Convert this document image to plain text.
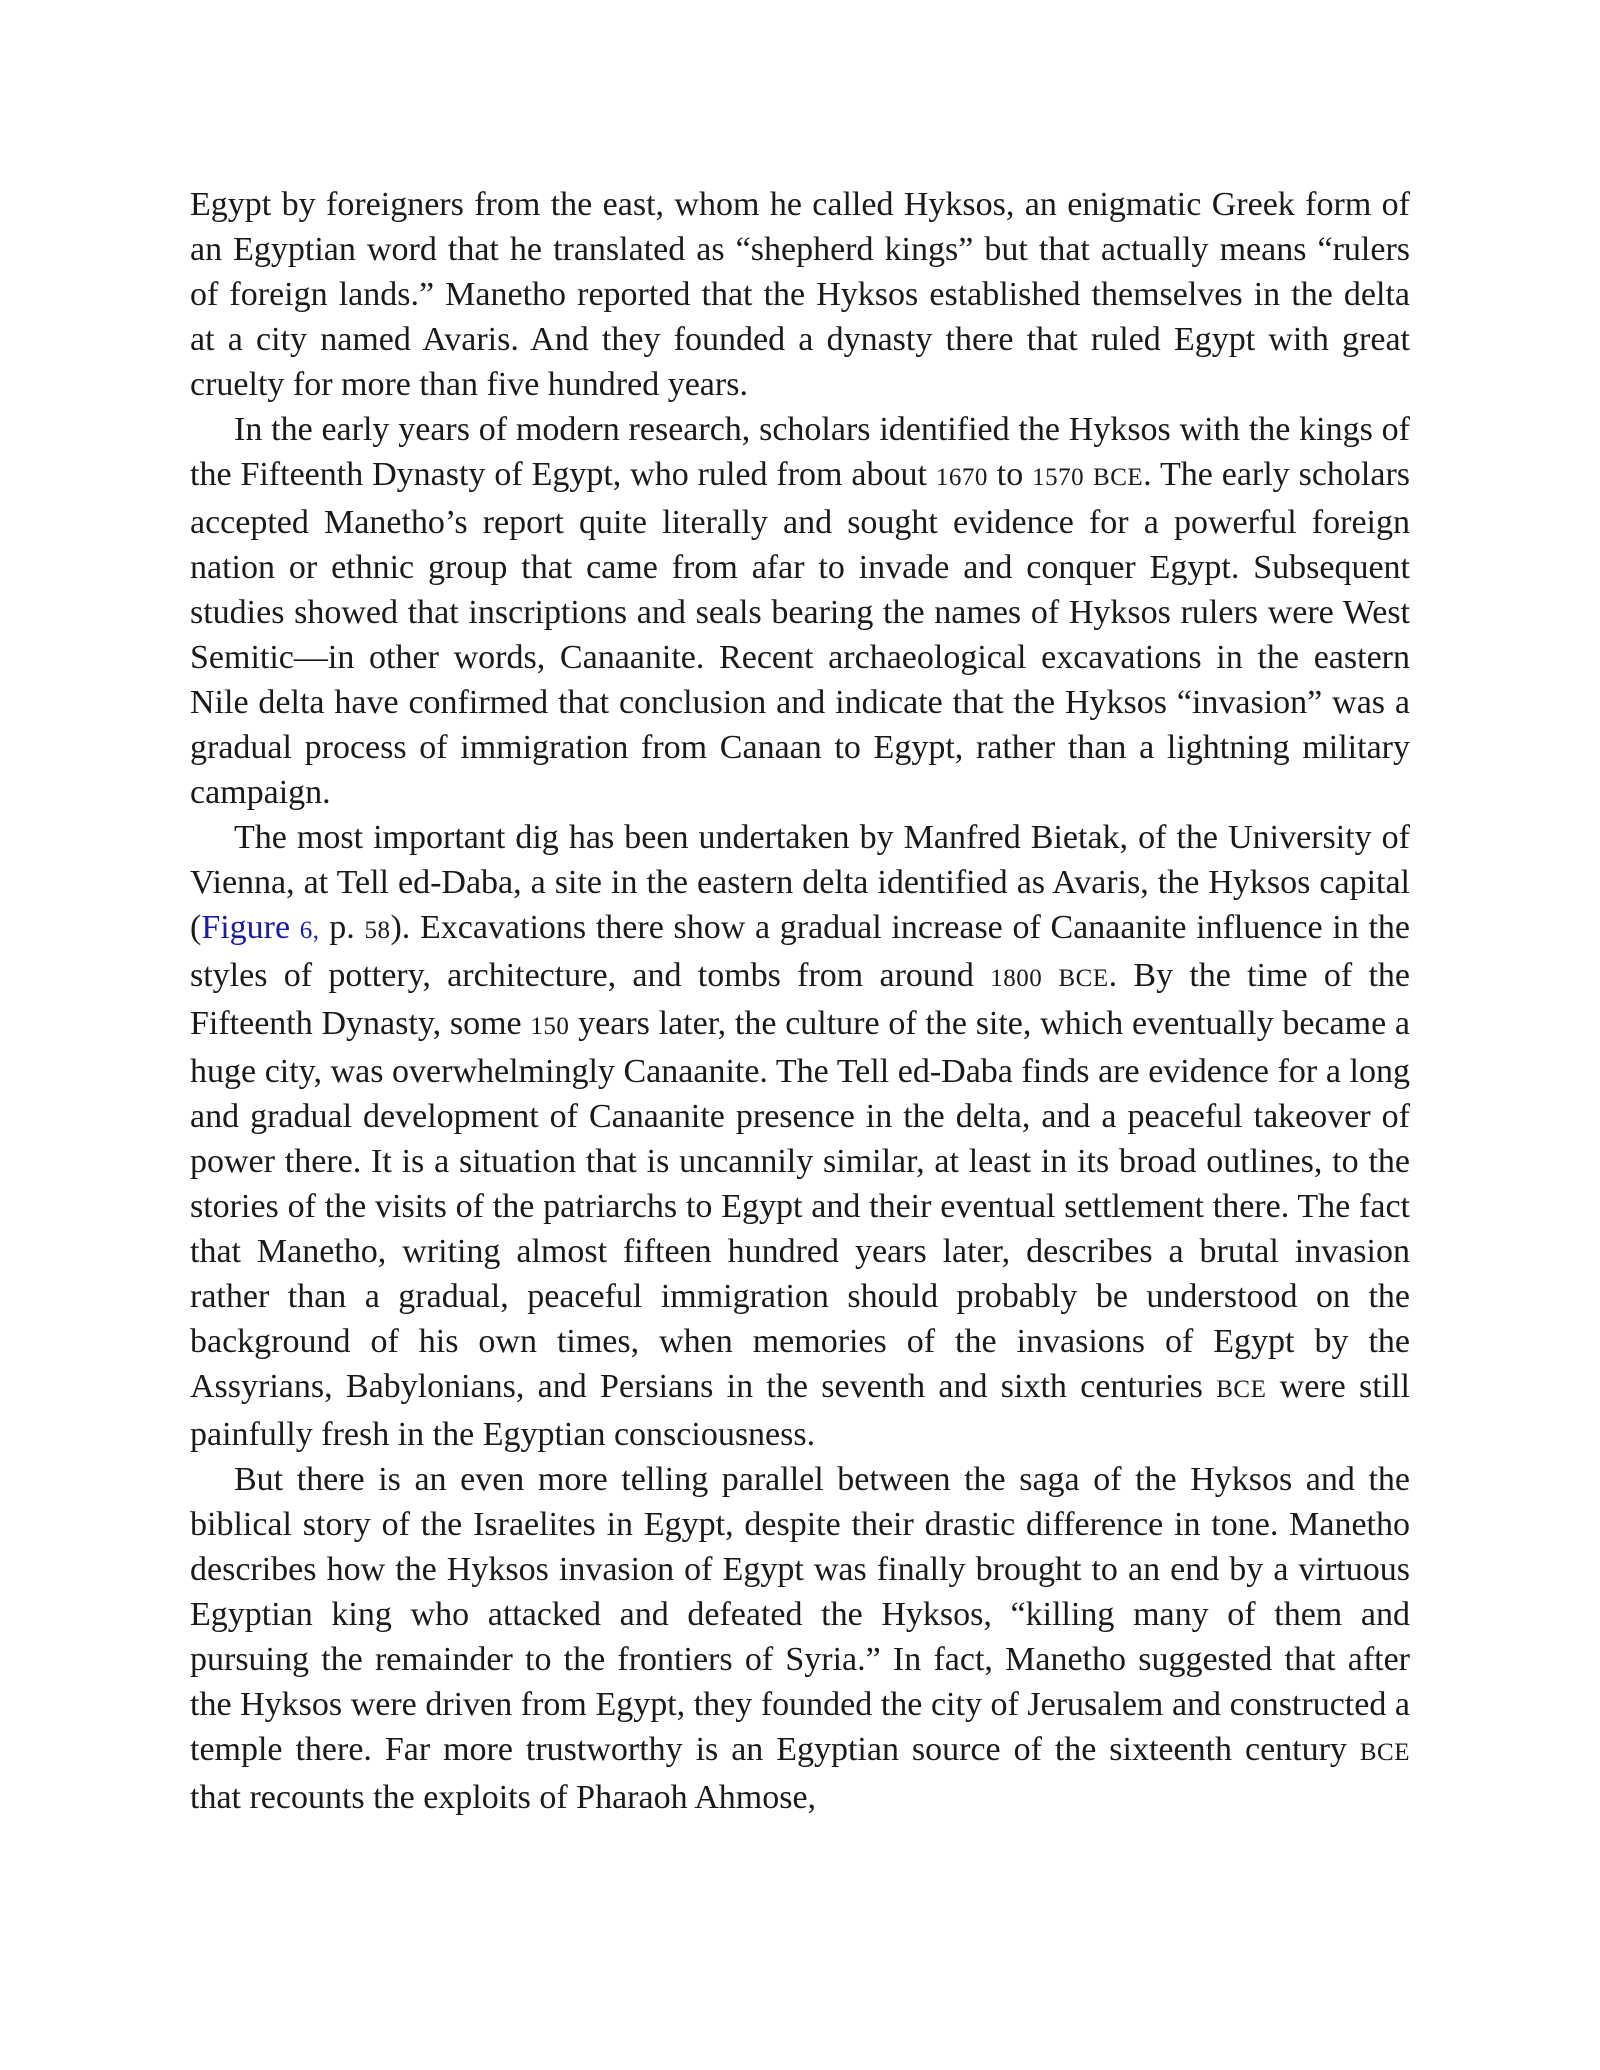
Egypt by foreigners from the east, whom he called Hyksos, an enigmatic Greek form of an Egyptian word that he translated as “shepherd kings” but that actually means “rulers of foreign lands.” Manetho reported that the Hyksos established themselves in the delta at a city named Avaris. And they founded a dynasty there that ruled Egypt with great cruelty for more than five hundred years.

In the early years of modern research, scholars identified the Hyksos with the kings of the Fifteenth Dynasty of Egypt, who ruled from about 1670 to 1570 BCE. The early scholars accepted Manetho’s report quite literally and sought evidence for a powerful foreign nation or ethnic group that came from afar to invade and conquer Egypt. Subsequent studies showed that inscriptions and seals bearing the names of Hyksos rulers were West Semitic—in other words, Canaanite. Recent archaeological excavations in the eastern Nile delta have confirmed that conclusion and indicate that the Hyksos “invasion” was a gradual process of immigration from Canaan to Egypt, rather than a lightning military campaign.

The most important dig has been undertaken by Manfred Bietak, of the University of Vienna, at Tell ed-Daba, a site in the eastern delta identified as Avaris, the Hyksos capital (Figure 6, p. 58). Excavations there show a gradual increase of Canaanite influence in the styles of pottery, architecture, and tombs from around 1800 BCE. By the time of the Fifteenth Dynasty, some 150 years later, the culture of the site, which eventually became a huge city, was overwhelmingly Canaanite. The Tell ed-Daba finds are evidence for a long and gradual development of Canaanite presence in the delta, and a peaceful takeover of power there. It is a situation that is uncannily similar, at least in its broad outlines, to the stories of the visits of the patriarchs to Egypt and their eventual settlement there. The fact that Manetho, writing almost fifteen hundred years later, describes a brutal invasion rather than a gradual, peaceful immigration should probably be understood on the background of his own times, when memories of the invasions of Egypt by the Assyrians, Babylonians, and Persians in the seventh and sixth centuries BCE were still painfully fresh in the Egyptian consciousness.

But there is an even more telling parallel between the saga of the Hyksos and the biblical story of the Israelites in Egypt, despite their drastic difference in tone. Manetho describes how the Hyksos invasion of Egypt was finally brought to an end by a virtuous Egyptian king who attacked and defeated the Hyksos, “killing many of them and pursuing the remainder to the frontiers of Syria.” In fact, Manetho suggested that after the Hyksos were driven from Egypt, they founded the city of Jerusalem and constructed a temple there. Far more trustworthy is an Egyptian source of the sixteenth century BCE that recounts the exploits of Pharaoh Ahmose,
